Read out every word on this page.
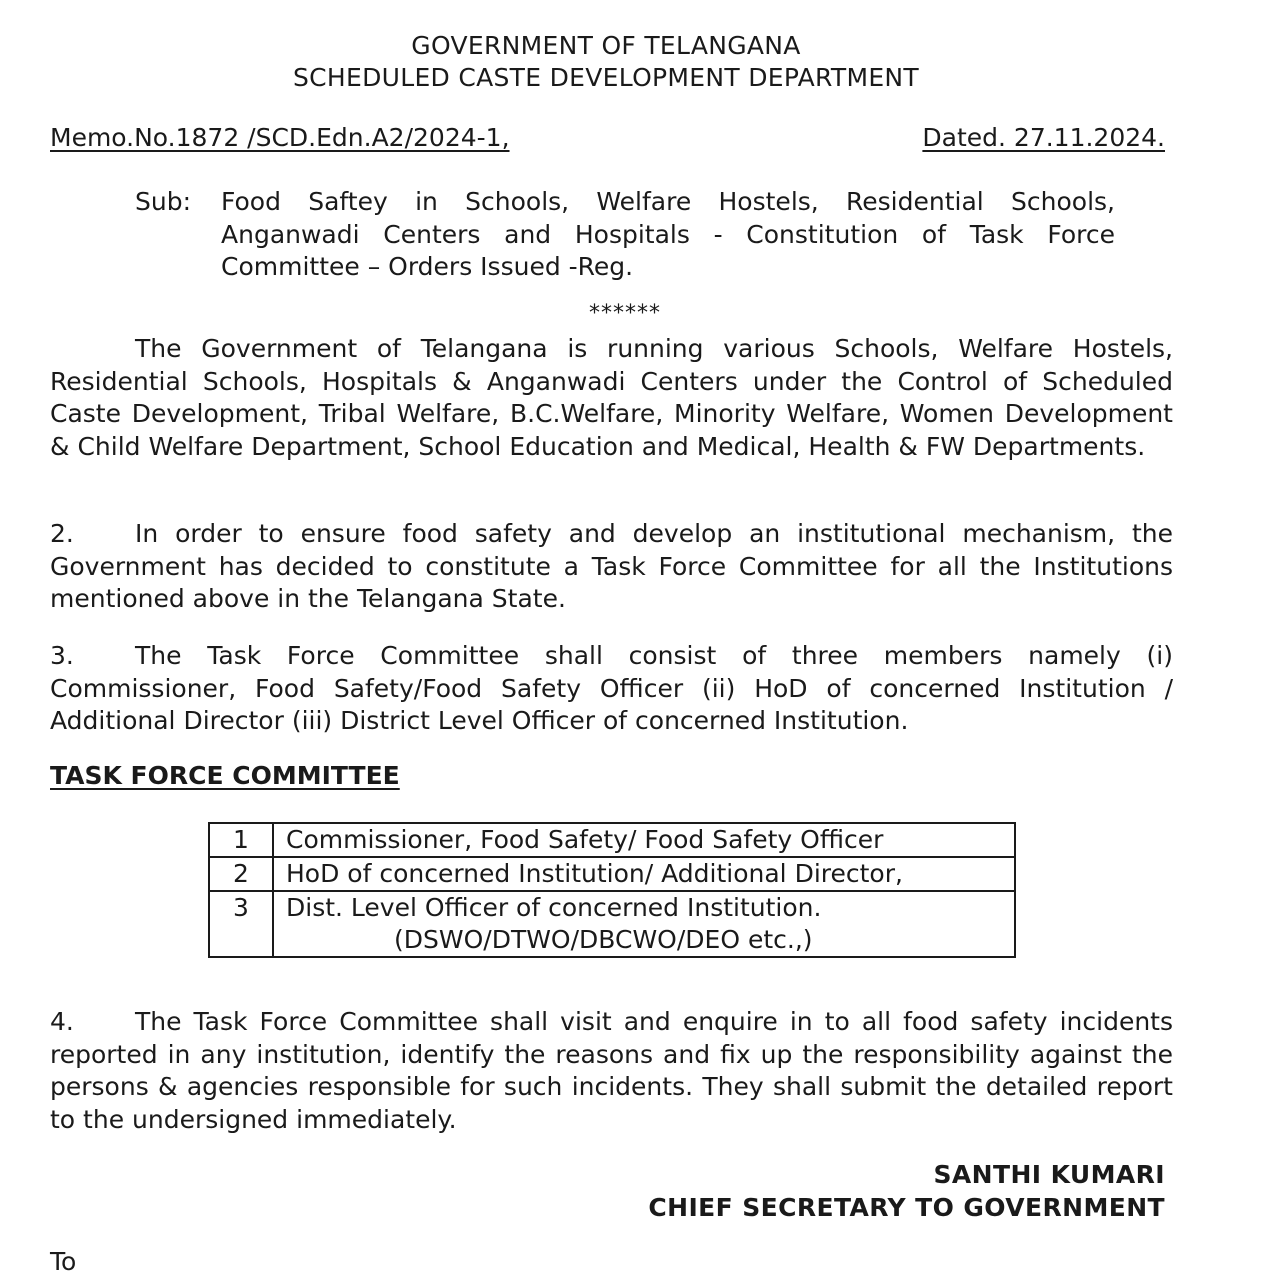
GOVERNMENT OF TELANGANA
SCHEDULED CASTE DEVELOPMENT DEPARTMENT
Memo.No.1872 /SCD.Edn.A2/2024-1,	Dated. 27.11.2024.
Sub:	Food Saftey in Schools, Welfare Hostels, Residential Schools, Anganwadi Centers and Hospitals - Constitution of Task Force Committee – Orders Issued -Reg.
******
The Government of Telangana is running various Schools, Welfare Hostels, Residential Schools, Hospitals & Anganwadi Centers under the Control of Scheduled Caste Development, Tribal Welfare, B.C.Welfare, Minority Welfare, Women Development & Child Welfare Department, School Education and Medical, Health & FW Departments.
2. In order to ensure food safety and develop an institutional mechanism, the Government has decided to constitute a Task Force Committee for all the Institutions mentioned above in the Telangana State.
3. The Task Force Committee shall consist of three members namely (i) Commissioner, Food Safety/Food Safety Officer (ii) HoD of concerned Institution / Additional Director (iii) District Level Officer of concerned Institution.
TASK FORCE COMMITTEE
1	Commissioner, Food Safety/ Food Safety Officer
2	HoD of concerned Institution/ Additional Director,
3	Dist. Level Officer of concerned Institution.
(DSWO/DTWO/DBCWO/DEO etc.,)
4. The Task Force Committee shall visit and enquire in to all food safety incidents reported in any institution, identify the reasons and fix up the responsibility against the persons & agencies responsible for such incidents. They shall submit the detailed report to the undersigned immediately.
SANTHI KUMARI
CHIEF SECRETARY TO GOVERNMENT
To
